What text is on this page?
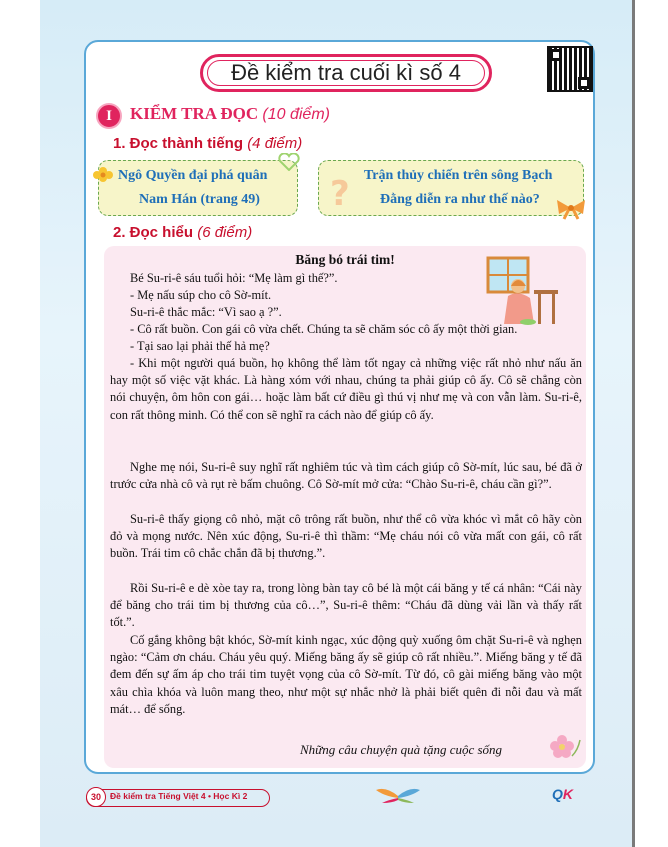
Đề kiểm tra cuối kì số 4
I	KIỂM TRA ĐỌC (10 điểm)
1. Đọc thành tiếng (4 điểm)
Ngô Quyền đại phá quân
Nam Hán (trang 49)
Trận thủy chiến trên sông Bạch
Đằng diễn ra như thế nào?
?
2. Đọc hiểu (6 điểm)
Băng bó trái tim!

Bé Su-ri-ê sáu tuổi hỏi: “Mẹ làm gì thế?”.

- Mẹ nấu súp cho cô Sờ-mít.

Su-ri-ê thắc mắc: “Vì sao ạ ?”.

- Cô rất buồn. Con gái cô vừa chết. Chúng ta sẽ chăm sóc cô ấy một thời gian.

- Tại sao lại phải thế hả mẹ?

- Khi một người quá buồn, họ không thể làm tốt ngay cả những việc rất nhỏ như nấu ăn hay một số việc vặt khác. Là hàng xóm với nhau, chúng ta phải giúp cô ấy. Cô sẽ chẳng còn nói chuyện, ôm hôn con gái… hoặc làm bất cứ điều gì thú vị như mẹ và con vẫn làm. Su-ri-ê, con rất thông minh. Có thể con sẽ nghĩ ra cách nào để giúp cô ấy.

Nghe mẹ nói, Su-ri-ê suy nghĩ rất nghiêm túc và tìm cách giúp cô Sờ-mít, lúc sau, bé đã ở trước cửa nhà cô và rụt rè bấm chuông. Cô Sờ-mít mở cửa: “Chào Su-ri-ê, cháu cần gì?”.

Su-ri-ê thấy giọng cô nhỏ, mặt cô trông rất buồn, như thể cô vừa khóc vì mắt cô hãy còn đỏ và mọng nước. Nên xúc động, Su-ri-ê thì thầm: “Mẹ cháu nói cô vừa mất con gái, cô rất buồn. Trái tim cô chắc chắn đã bị thương.”.

Rồi Su-ri-ê e dè xòe tay ra, trong lòng bàn tay cô bé là một cái băng y tế cá nhân: “Cái này để băng cho trái tim bị thương của cô…”, Su-ri-ê thêm: “Cháu đã dùng vải lần và thấy rất tốt.”.

Cố gắng không bật khóc, Sờ-mít kinh ngạc, xúc động quỳ xuống ôm chặt Su-ri-ê và nghẹn ngào: “Cảm ơn cháu. Cháu yêu quý. Miếng băng ấy sẽ giúp cô rất nhiều.”. Miếng băng y tế đã đem đến sự ấm áp cho trái tim tuyệt vọng của cô Sờ-mít. Từ đó, cô gài miếng băng vào một xâu chìa khóa và luôn mang theo, như một sự nhắc nhở là phải biết quên đi nỗi đau và mất mát… để sống.

Những câu chuyện quà tặng cuộc sống
30	Đề kiểm tra Tiếng Việt 4 • Học Kì 2	QK
